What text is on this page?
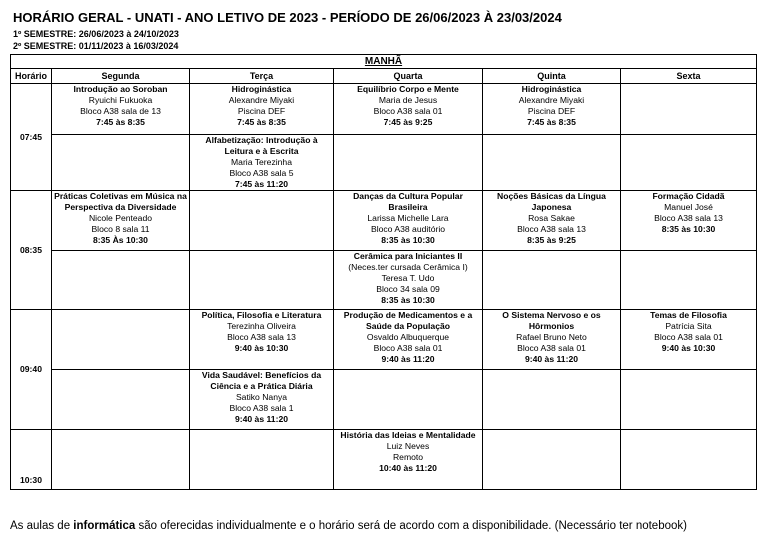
HORÁRIO GERAL - UNATI - ANO LETIVO DE 2023 - PERÍODO DE 26/06/2023 À 23/03/2024
1º SEMESTRE: 26/06/2023 à 24/10/2023
2º SEMESTRE: 01/11/2023 à 16/03/2024
MANHÃ					
Horário	Segunda	Terça	Quarta	Quinta	Sexta
07:45	Introdução ao Soroban
Ryuichi Fukuoka
Bloco A38 sala de 13
7:45 às 8:35	Hidroginástica
Alexandre Miyaki
Piscina DEF
7:45 às 8:35	Equilíbrio Corpo e Mente
Maria de Jesus
Bloco A38 sala 01
7:45 às 9:25	Hidroginástica
Alexandre Miyaki
Piscina DEF
7:45 às 8:35	

		Alfabetização: Introdução à
Leitura e à Escrita
Maria Terezinha
Bloco A38 sala 5
7:45 às 11:20			

08:35	Práticas Coletivas em Música na
Perspectiva da Diversidade
Nicole Penteado
Bloco 8 sala 11
8:35 Às 10:30		Danças da Cultura Popular
Brasileira
Larissa Michelle Lara
Bloco A38 auditório
8:35 às 10:30	Noções Básicas da Língua
Japonesa
Rosa Sakae
Bloco A38 sala 13
8:35 às 9:25	Formação Cidadã
Manuel José
Bloco A38 sala 13
8:35 às 10:30

			Cerâmica para Iniciantes II
(Neces.ter cursada Cerâmica I)
Teresa T. Udo
Bloco 34 sala 09
8:35 às 10:30		

09:40		Política, Filosofia e Literatura
Terezinha Oliveira
Bloco A38 sala 13
9:40 às 10:30	Produção de Medicamentos e a
Saúde da População
Osvaldo Albuquerque
Bloco A38 sala 01
9:40 às 11:20	O Sistema Nervoso e os
Hôrmonios
Rafael Bruno Neto
Bloco A38 sala 01
9:40 às 11:20	Temas de Filosofia
Patrícia Sita
Bloco A38 sala 01
9:40 às 10:30

		Vida Saudável: Benefícios da
Ciência e a Prática Diária
Satiko Nanya
Bloco A38 sala 1
9:40 às 11:20			

10:30			História das Ideias e Mentalidade
Luiz Neves
Remoto
10:40 às 11:20		

As aulas de informática são oferecidas individualmente e o horário será de acordo com a disponibilidade. (Necessário ter notebook)
